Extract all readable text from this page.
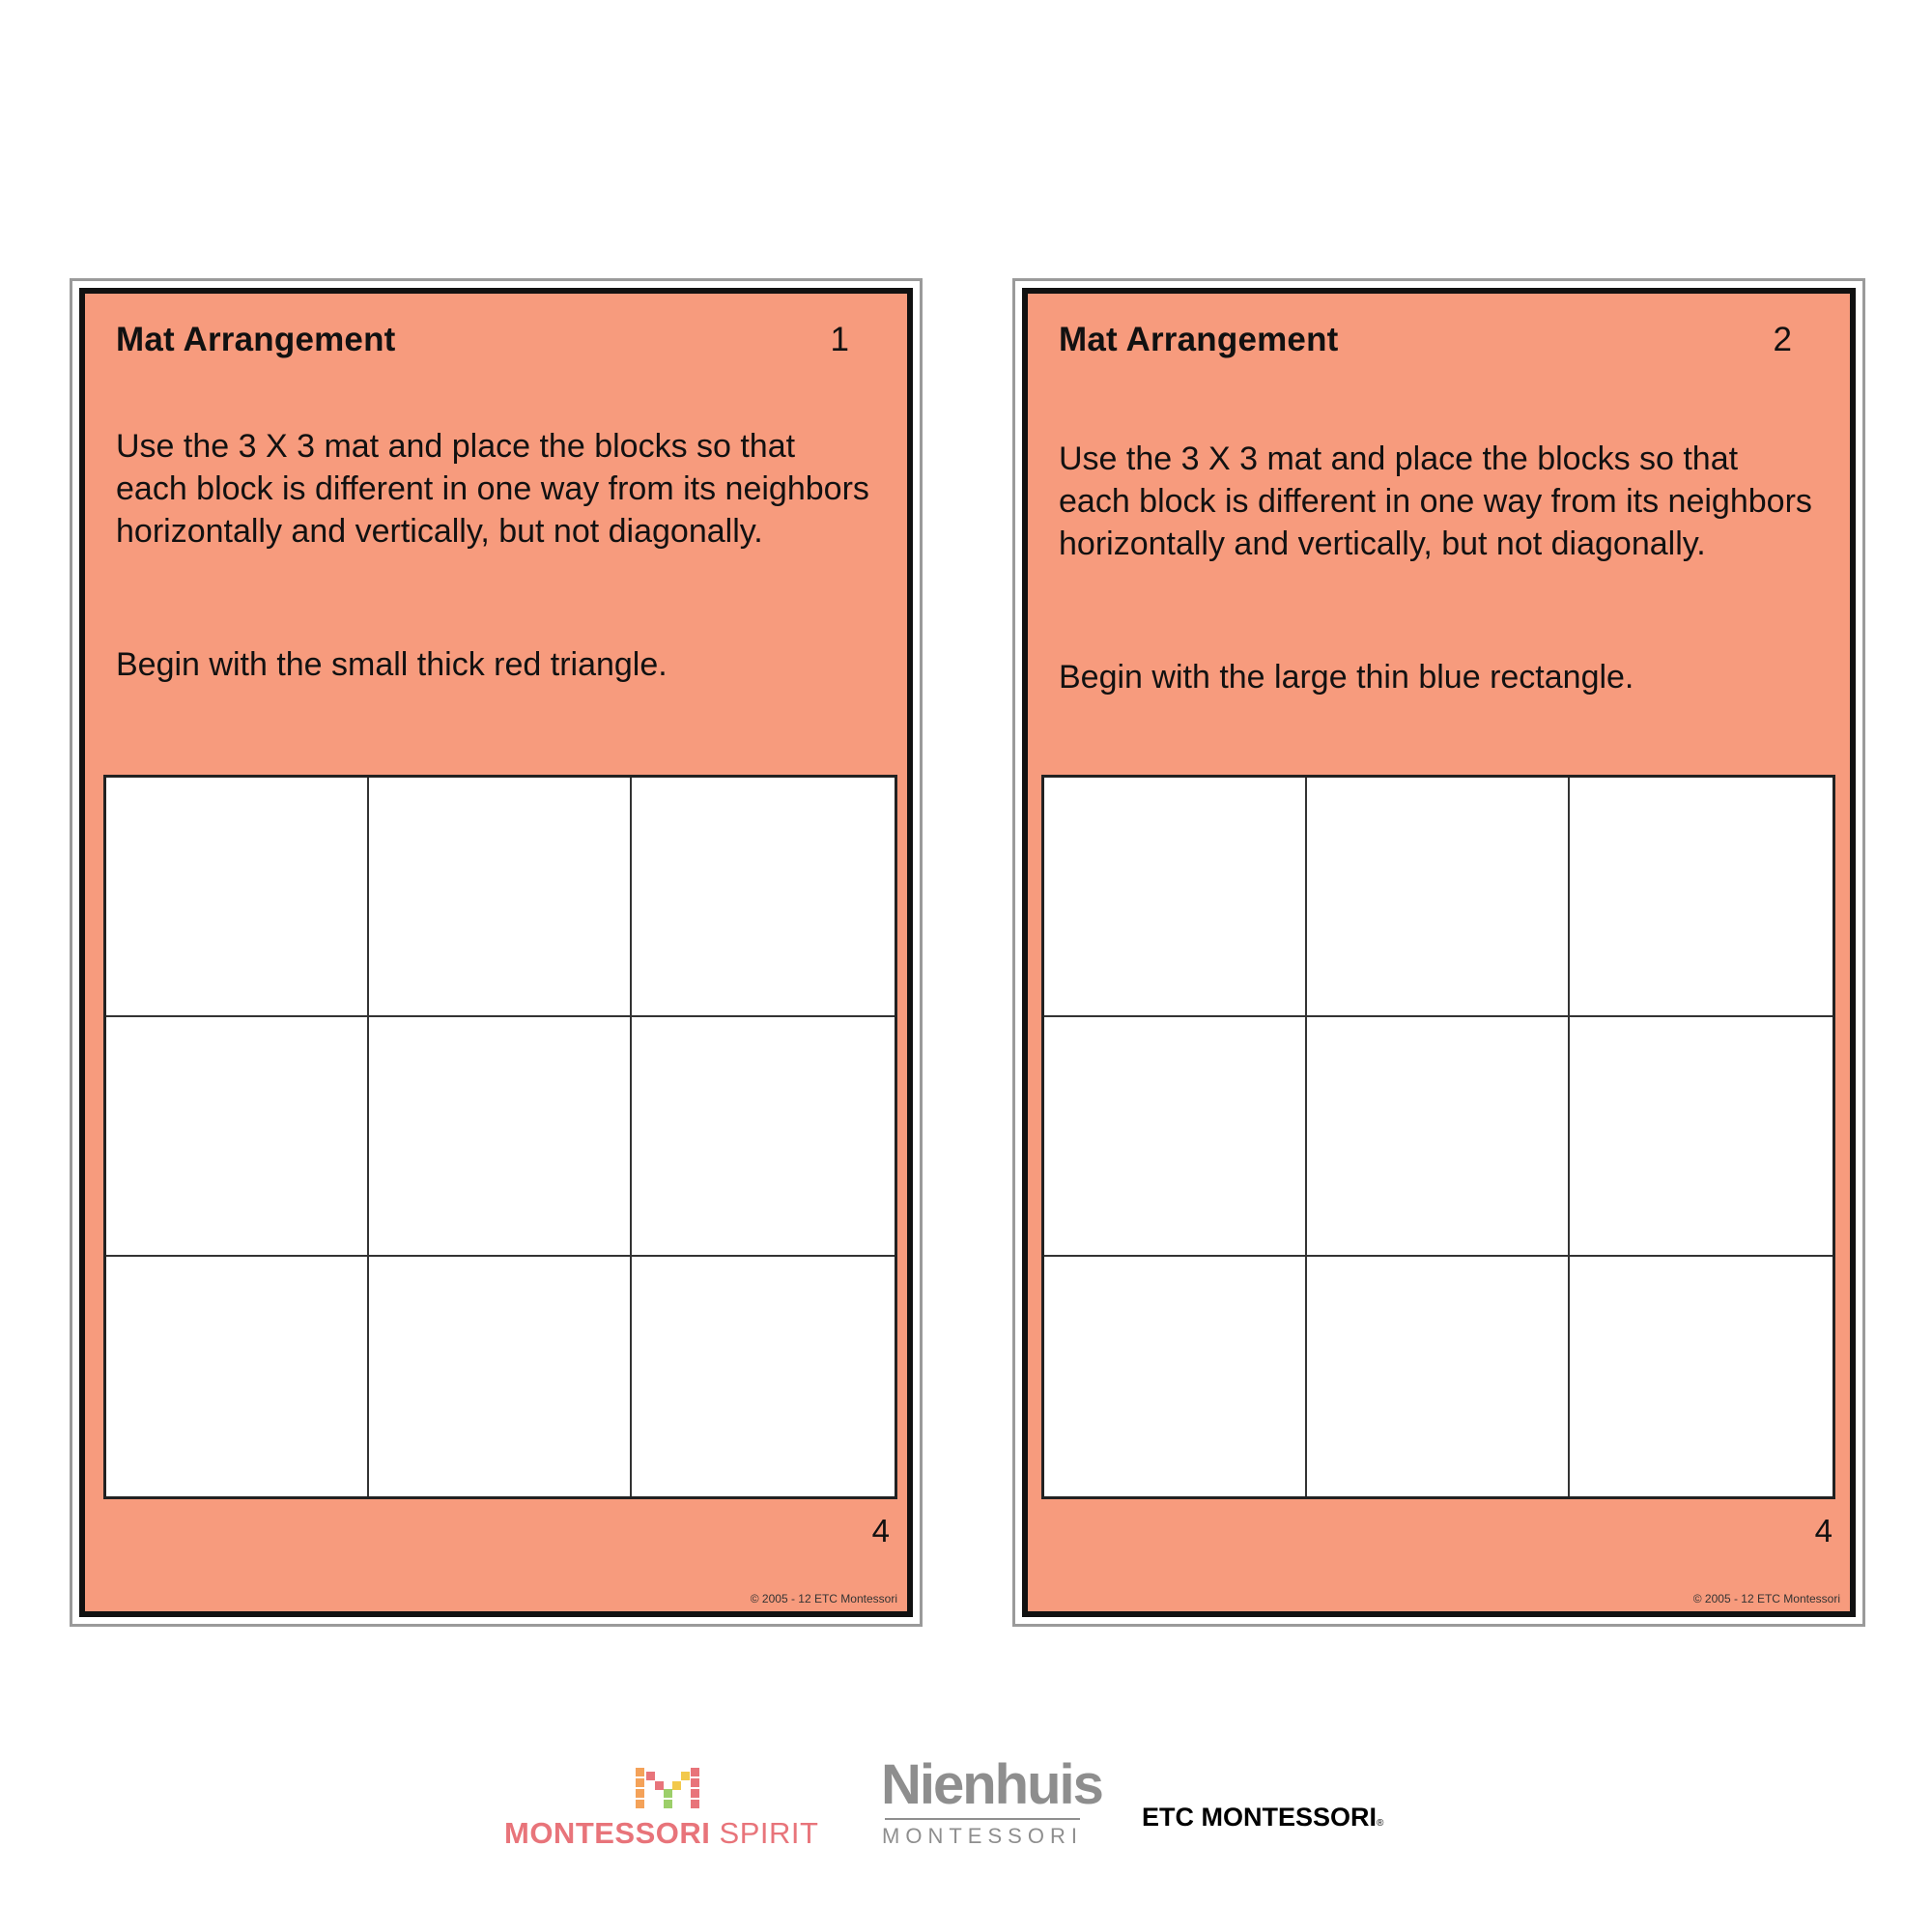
Mat Arrangement	1
Use the 3 X 3 mat and place the blocks so that each block is different in one way from its neighbors horizontally and vertically, but not diagonally.
Begin with the small thick red triangle.
4
© 2005 - 12 ETC Montessori
Mat Arrangement	2
Use the 3 X 3 mat and place the blocks so that each block is different in one way from its neighbors horizontally and vertically, but not diagonally.
Begin with the large thin blue rectangle.
4
© 2005 - 12 ETC Montessori
MONTESSORI SPIRIT
Nienhuis
MONTESSORI
ETC MONTESSORI®
